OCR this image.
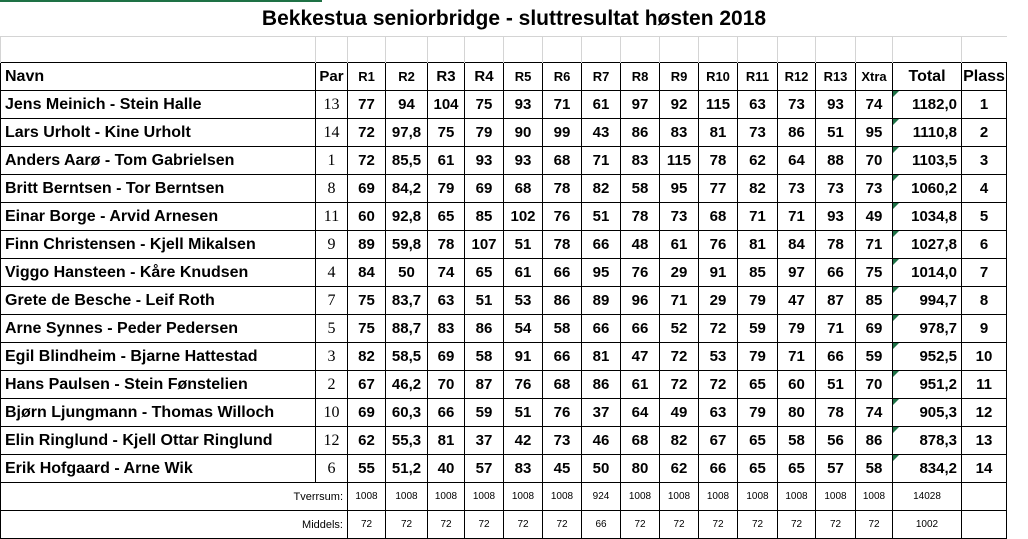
Bekkestua seniorbridge - sluttresultat høsten 2018

Navn	Par	R1	R2	R3	R4	R5	R6	R7	R8	R9	R10	R11	R12	R13	Xtra	Total	Plass
Jens Meinich - Stein Halle	13	77	94	104	75	93	71	61	97	92	115	63	73	93	74	1182,0	1
Lars Urholt - Kine Urholt	14	72	97,8	75	79	90	99	43	86	83	81	73	86	51	95	1110,8	2
Anders Aarø - Tom Gabrielsen	1	72	85,5	61	93	93	68	71	83	115	78	62	64	88	70	1103,5	3
Britt Berntsen - Tor Berntsen	8	69	84,2	79	69	68	78	82	58	95	77	82	73	73	73	1060,2	4
Einar Borge - Arvid Arnesen	11	60	92,8	65	85	102	76	51	78	73	68	71	71	93	49	1034,8	5
Finn Christensen - Kjell Mikalsen	9	89	59,8	78	107	51	78	66	48	61	76	81	84	78	71	1027,8	6
Viggo Hansteen - Kåre Knudsen	4	84	50	74	65	61	66	95	76	29	91	85	97	66	75	1014,0	7
Grete de Besche - Leif Roth	7	75	83,7	63	51	53	86	89	96	71	29	79	47	87	85	994,7	8
Arne Synnes - Peder Pedersen	5	75	88,7	83	86	54	58	66	66	52	72	59	79	71	69	978,7	9
Egil Blindheim - Bjarne Hattestad	3	82	58,5	69	58	91	66	81	47	72	53	79	71	66	59	952,5	10
Hans Paulsen - Stein Fønstelien	2	67	46,2	70	87	76	68	86	61	72	72	65	60	51	70	951,2	11
Bjørn Ljungmann - Thomas Willoch	10	69	60,3	66	59	51	76	37	64	49	63	79	80	78	74	905,3	12
Elin Ringlund - Kjell Ottar Ringlund	12	62	55,3	81	37	42	73	46	68	82	67	65	58	56	86	878,3	13
Erik Hofgaard - Arne Wik	6	55	51,2	40	57	83	45	50	80	62	66	65	65	57	58	834,2	14
Tverrsum:		1008	1008	1008	1008	1008	1008	924	1008	1008	1008	1008	1008	1008	1008	14028	
Middels:		72	72	72	72	72	72	66	72	72	72	72	72	72	72	1002	
